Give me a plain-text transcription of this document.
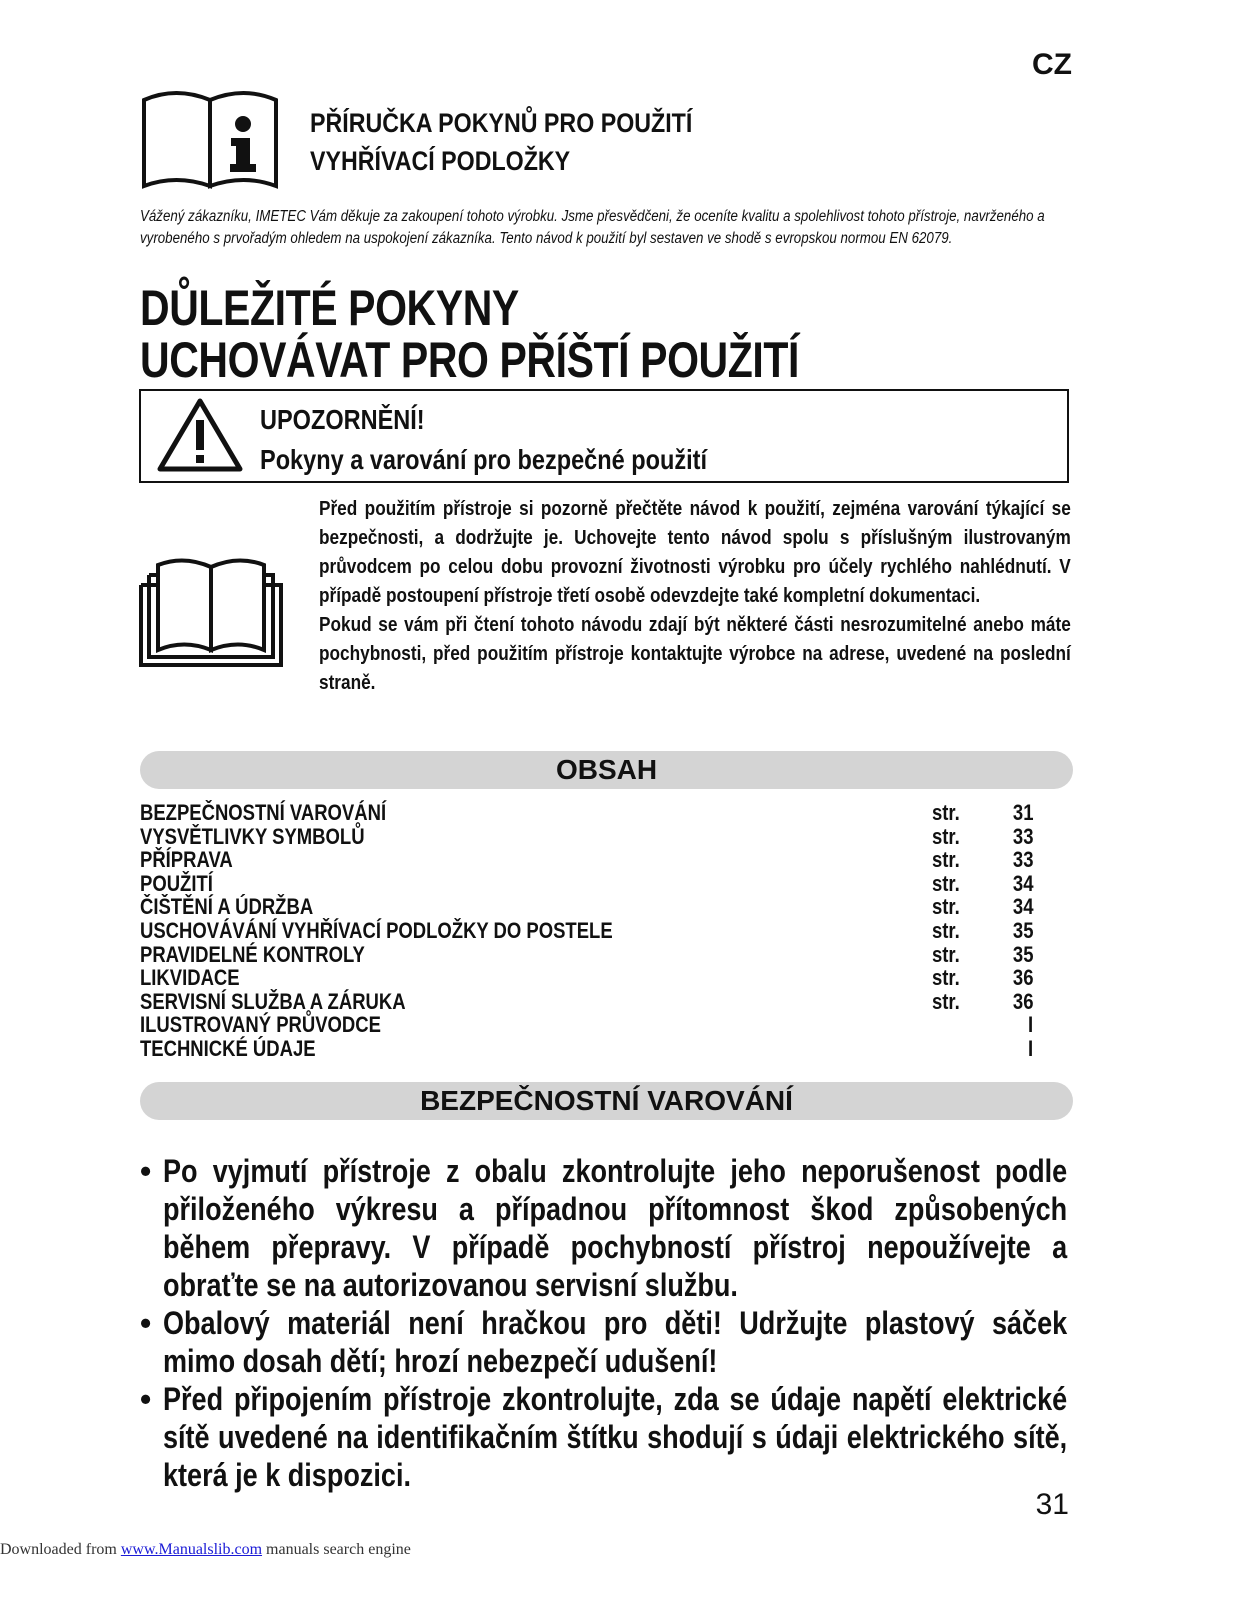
CZ
PŘÍRUČKA POKYNŮ PRO POUŽITÍ
VYHŘÍVACÍ PODLOŽKY
Vážený zákazníku, IMETEC Vám děkuje za zakoupení tohoto výrobku. Jsme přesvědčeni, že oceníte kvalitu a spolehlivost tohoto přístroje, navrženého a vyrobeného s prvořadým ohledem na uspokojení zákazníka. Tento návod k použití byl sestaven ve shodě s evropskou normou EN 62079.
DŮLEŽITÉ POKYNY
UCHOVÁVAT PRO PŘÍŠTÍ POUŽITÍ
UPOZORNĚNÍ!
Pokyny a varování pro bezpečné použití

Před použitím přístroje si pozorně přečtěte návod k použití, zejména varování týkající se bezpečnosti, a dodržujte je. Uchovejte tento návod spolu s příslušným ilustrovaným průvodcem po celou dobu provozní životnosti výrobku pro účely rychlého nahlédnutí. V případě postoupení přístroje třetí osobě odevzdejte také kompletní dokumentaci.

Pokud se vám při čtení tohoto návodu zdají být některé části nesrozumitelné anebo máte pochybnosti, před použitím přístroje kontaktujte výrobce na adrese, uvedené na poslední straně.

OBSAH
BEZPEČNOSTNÍ VAROVÁNÍ	str. 31
VYSVĚTLIVKY SYMBOLŮ	str. 33
PŘÍPRAVA	str. 33
POUŽITÍ	str. 34
ČIŠTĚNÍ A ÚDRŽBA	str. 34
USCHOVÁVÁNÍ VYHŘÍVACÍ PODLOŽKY DO POSTELE	str. 35
PRAVIDELNÉ KONTROLY	str. 35
LIKVIDACE	str. 36
SERVISNÍ SLUŽBA A ZÁRUKA	str. 36
ILUSTROVANÝ PRŮVODCE	I
TECHNICKÉ ÚDAJE	I
BEZPEČNOSTNÍ VAROVÁNÍ
• Po vyjmutí přístroje z obalu zkontrolujte jeho neporušenost podle přiloženého výkresu a případnou přítomnost škod způsobených během přepravy. V případě pochybností přístroj nepoužívejte a obraťte se na autorizovanou servisní službu.
• Obalový materiál není hračkou pro děti! Udržujte plastový sáček mimo dosah dětí; hrozí nebezpečí udušení!
• Před připojením přístroje zkontrolujte, zda se údaje napětí elektrické sítě uvedené na identifikačním štítku shodují s údaji elektrického sítě, která je k dispozici.
31
Downloaded from www.Manualslib.com manuals search engine
